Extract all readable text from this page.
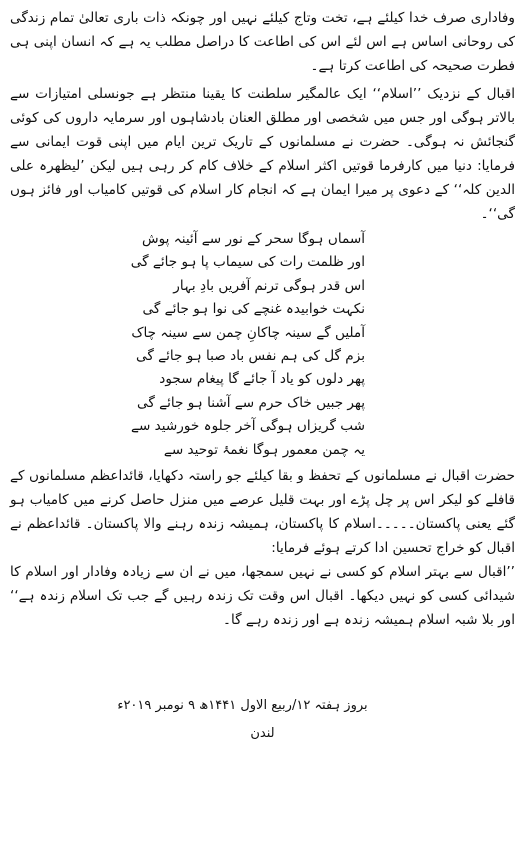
وفاداری صرف خدا کیلئے ہے، تخت وتاج کیلئے نہیں اور چونکہ ذات باری تعالیٰ تمام زندگی کی روحانی اساس ہے اس لئے اس کی اطاعت کا دراصل مطلب یہ ہے کہ انسان اپنی ہی فطرت صحیحہ کی اطاعت کرتا ہے۔

اقبال کے نزدیک ’’اسلام‘‘ ایک عالمگیر سلطنت کا یقینا منتظر ہے جونسلی امتیازات سے بالاتر ہوگی اور جس میں شخصی اور مطلق العنان بادشاہوں اور سرمایہ داروں کی کوئی گنجائش نہ ہوگی۔ حضرت نے مسلمانوں کے تاریک ترین ایام میں اپنی قوت ایمانی سے فرمایا: دنیا میں کارفرما قوتیں اکثر اسلام کے خلاف کام کر رہی ہیں لیکن ’لیظھرہ علی الدین کلہ‘‘ کے دعوی پر میرا ایمان ہے کہ انجام کار اسلام کی قوتیں کامیاب اور فائز ہوں گی‘‘۔

آسماں ہوگا سحر کے نور سے آئینہ پوش
اور ظلمت رات کی سیماب پا ہو جائے گی
اس قدر ہوگی ترنم آفریں بادِ بہار
نکہت خوابیدہ غنچے کی نوا ہو جائے گی
آملیں گے سینہ چاکانِ چمن سے سینہ چاک
بزم گل کی ہم نفس باد صبا ہو جائے گی
پھر دلوں کو یاد آ جائے گا پیغام سجود
پھر جبیں خاک حرم سے آشنا ہو جائے گی
شب گریزاں ہوگی آخر جلوہ خورشید سے
یہ چمن معمور ہوگا نغمۂ توحید سے

حضرت اقبال نے مسلمانوں کے تحفظ و بقا کیلئے جو راستہ دکھایا، قائداعظم مسلمانوں کے قافلے کو لیکر اس پر چل پڑے اور بہت قلیل عرصے میں منزل حاصل کرنے میں کامیاب ہو گئے یعنی پاکستان۔۔۔۔۔اسلام کا پاکستان، ہمیشہ زندہ رہنے والا پاکستان۔ قائداعظم نے اقبال کو خراج تحسین ادا کرتے ہوئے فرمایا:

’’اقبال سے بہتر اسلام کو کسی نے نہیں سمجھا، میں نے ان سے زیادہ وفادار اور اسلام کا شیدائی کسی کو نہیں دیکھا۔ اقبال اس وقت تک زندہ رہیں گے جب تک اسلام زندہ ہے‘‘ اور بلا شبہ اسلام ہمیشہ زندہ ہے اور زندہ رہے گا۔

بروز ہفتہ ۱۲/ربیع الاول ۱۴۴۱ھ ۹ نومبر ۲۰۱۹ء
لندن
